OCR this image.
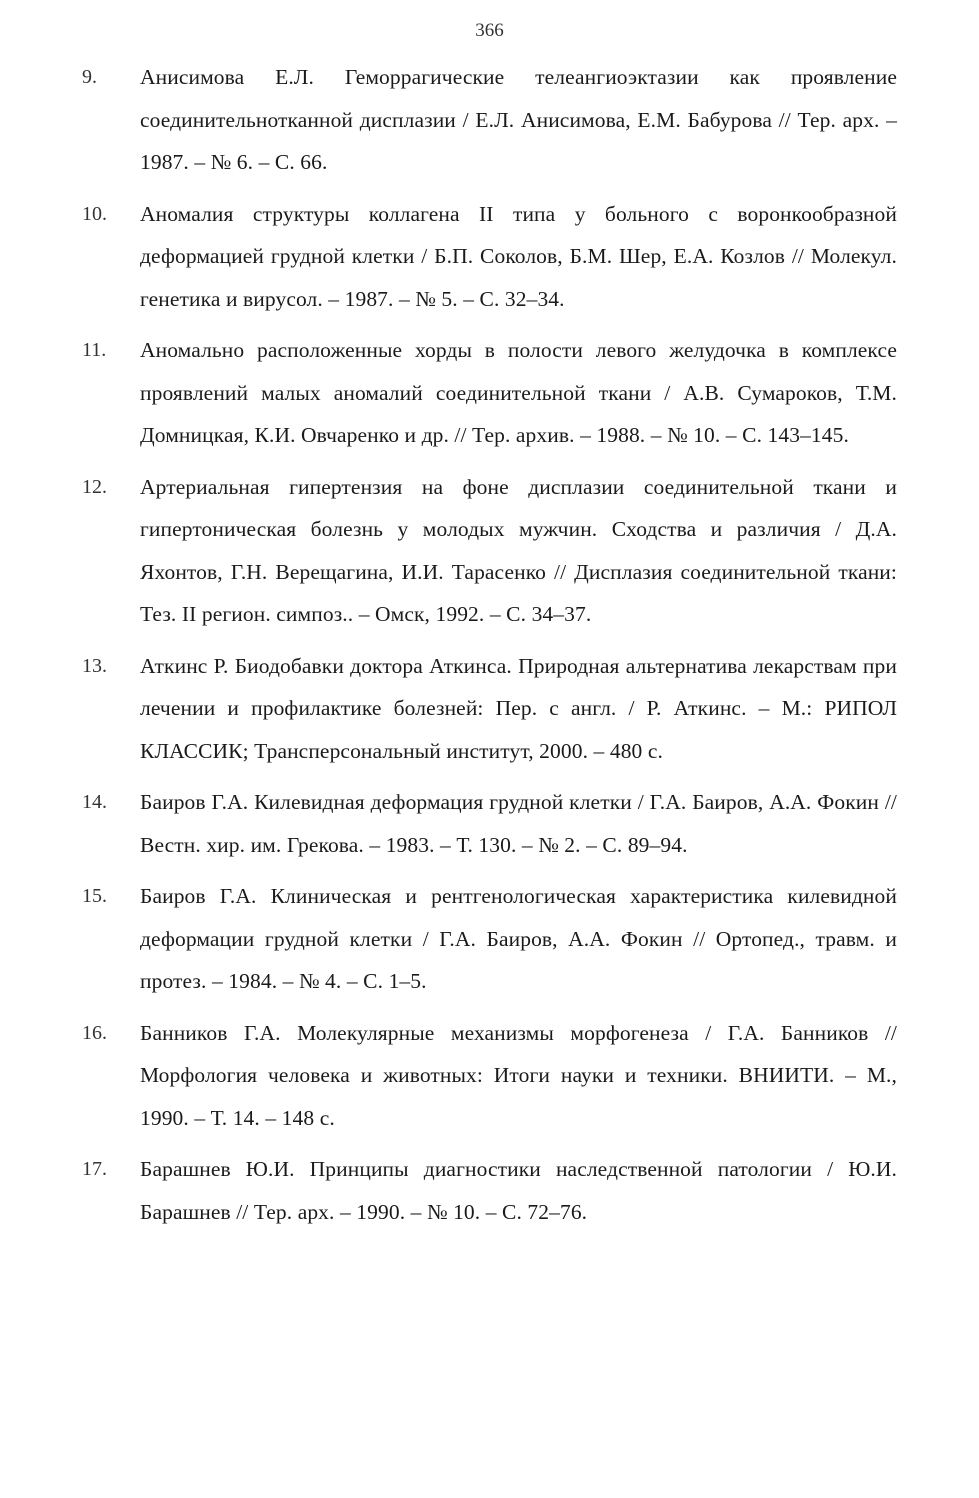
366
9. Анисимова Е.Л. Геморрагические телеангиоэктазии как проявление соединительнотканной дисплазии / Е.Л. Анисимова, Е.М. Бабурова // Тер. арх. – 1987. – № 6. – С. 66.
10. Аномалия структуры коллагена II типа у больного с воронкообразной деформацией грудной клетки / Б.П. Соколов, Б.М. Шер, Е.А. Козлов // Молекул. генетика и вирусол. – 1987. – № 5. – С. 32–34.
11. Аномально расположенные хорды в полости левого желудочка в комплексе проявлений малых аномалий соединительной ткани / А.В. Сумароков, Т.М. Домницкая, К.И. Овчаренко и др. // Тер. архив. – 1988. – № 10. – С. 143–145.
12. Артериальная гипертензия на фоне дисплазии соединительной ткани и гипертоническая болезнь у молодых мужчин. Сходства и различия / Д.А. Яхонтов, Г.Н. Верещагина, И.И. Тарасенко // Дисплазия соединительной ткани: Тез. II регион. симпоз.. – Омск, 1992. – С. 34–37.
13. Аткинс Р. Биодобавки доктора Аткинса. Природная альтернатива лекарствам при лечении и профилактике болезней: Пер. с англ. / Р. Аткинс. – М.: РИПОЛ КЛАССИК; Трансперсональный институт, 2000. – 480 с.
14. Баиров Г.А. Килевидная деформация грудной клетки / Г.А. Баиров, А.А. Фокин // Вестн. хир. им. Грекова. – 1983. – Т. 130. – № 2. – С. 89–94.
15. Баиров Г.А. Клиническая и рентгенологическая характеристика килевидной деформации грудной клетки / Г.А. Баиров, А.А. Фокин // Ортопед., травм. и протез. – 1984. – № 4. – С. 1–5.
16. Банников Г.А. Молекулярные механизмы морфогенеза / Г.А. Банников // Морфология человека и животных: Итоги науки и техники. ВНИИТИ. – М., 1990. – Т. 14. – 148 с.
17. Барашнев Ю.И. Принципы диагностики наследственной патологии / Ю.И. Барашнев // Тер. арх. – 1990. – № 10. – С. 72–76.
